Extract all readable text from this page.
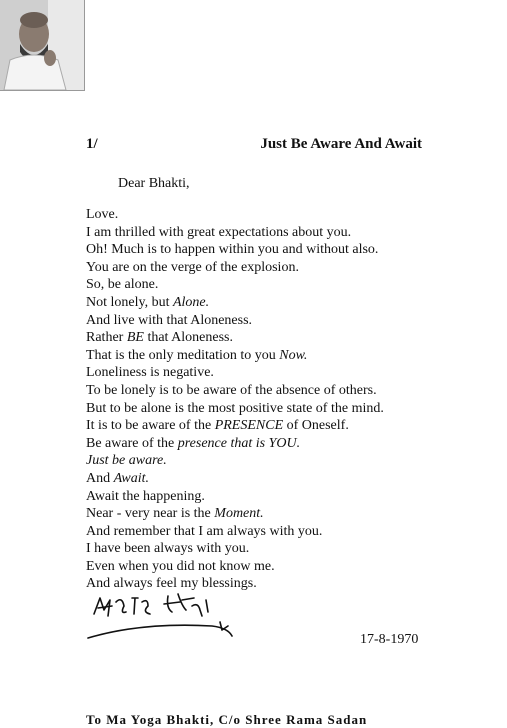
1/	Just Be Aware And Await
Dear Bhakti,
Love.
I am thrilled with great expectations about you.
Oh! Much is to happen within you and without also.
You are on the verge of the explosion.
So, be alone.
Not lonely, but Alone.
And live with that Aloneness.
Rather BE that Aloneness.
That is the only meditation to you Now.
Loneliness is negative.
To be lonely is to be aware of the absence of others.
But to be alone is the most positive state of the mind.
It is to be aware of the PRESENCE of Oneself.
Be aware of the presence that is YOU.
Just be aware.
And Await.
Await the happening.
Near - very near is the Moment.
And remember that I am always with you.
I have been always with you.
Even when you did not know me.
And always feel my blessings.
17-8-1970
To Ma Yoga Bhakti, C/o Shree Rama Sadan
